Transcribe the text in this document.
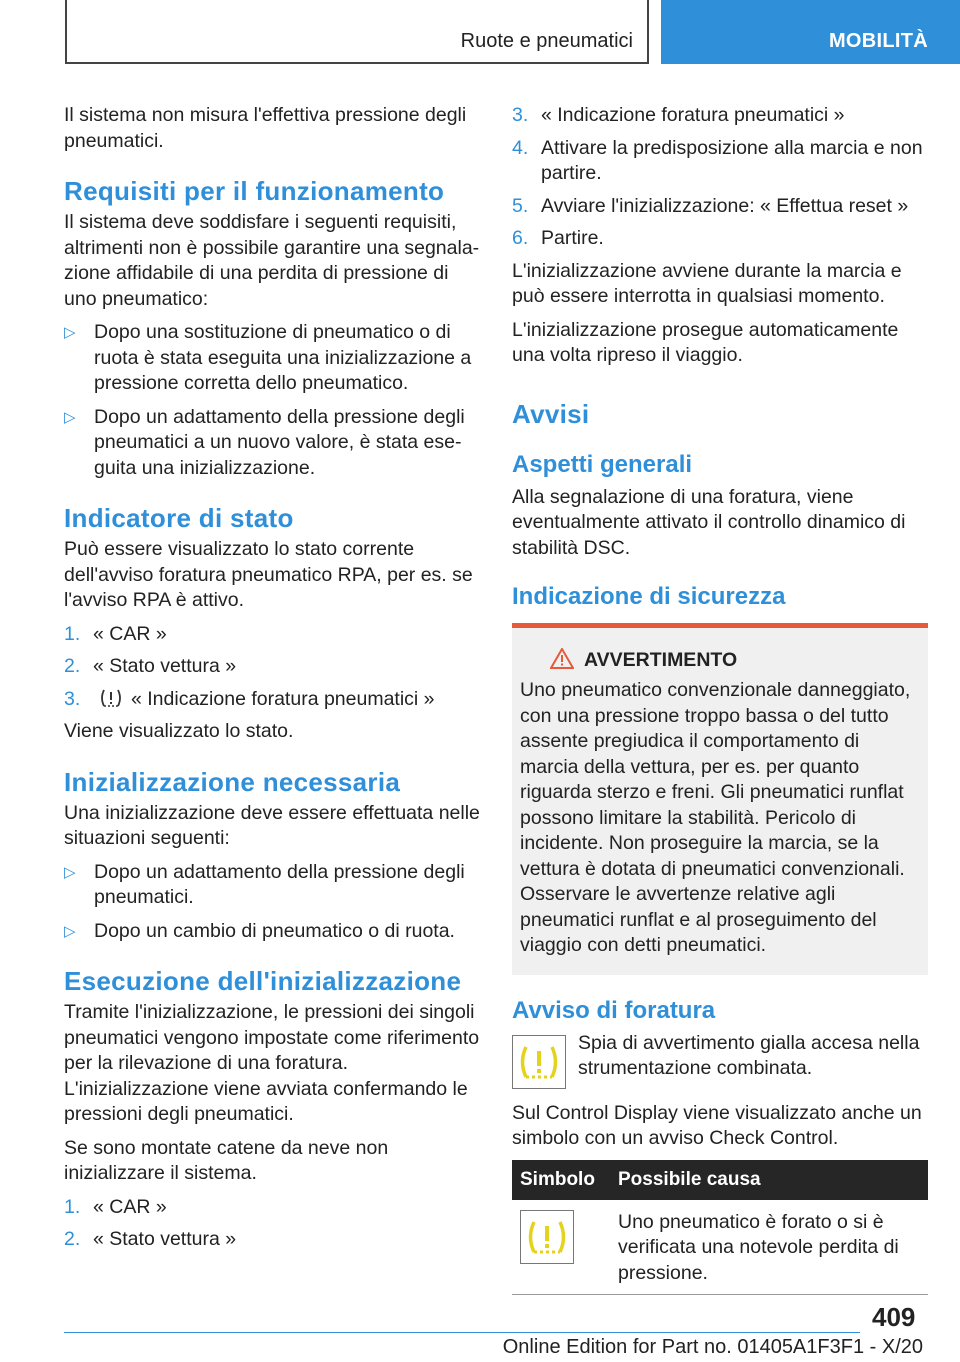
Ruote e pneumatici	MOBILITÀ

Il sistema non misura l'effettiva pressione degli pneumatici.

Requisiti per il funzionamento

Il sistema deve soddisfare i seguenti requisiti, altrimenti non è possibile garantire una segnalazione affidabile di una perdita di pressione di uno pneumatico:

▷ Dopo una sostituzione di pneumatico o di ruota è stata eseguita una inizializzazione a pressione corretta dello pneumatico.
▷ Dopo un adattamento della pressione degli pneumatici a un nuovo valore, è stata eseguita una inizializzazione.
Indicatore di stato

Può essere visualizzato lo stato corrente dell'avviso foratura pneumatico RPA, per es. se l'avviso RPA è attivo.

1. « CAR »
2. « Stato vettura »
3.	« Indicazione foratura pneumatici »

Viene visualizzato lo stato.

Inizializzazione necessaria

Una inizializzazione deve essere effettuata nelle situazioni seguenti:

▷ Dopo un adattamento della pressione degli pneumatici.
▷ Dopo un cambio di pneumatico o di ruota.
Esecuzione dell'inizializzazione

Tramite l'inizializzazione, le pressioni dei singoli pneumatici vengono impostate come riferimento per la rilevazione di una foratura. L'inizializzazione viene avviata confermando le pressioni degli pneumatici.

Se sono montate catene da neve non inizializzare il sistema.

1. « CAR »
2. « Stato vettura »
3. « Indicazione foratura pneumatici »
4. Attivare la predisposizione alla marcia e non partire.
5. Avviare l'inizializzazione: « Effettua reset »
6. Partire.

L'inizializzazione avviene durante la marcia e può essere interrotta in qualsiasi momento.

L'inizializzazione prosegue automaticamente una volta ripreso il viaggio.

Avvisi
Aspetti generali

Alla segnalazione di una foratura, viene eventualmente attivato il controllo dinamico di stabilità DSC.

Indicazione di sicurezza
AVVERTIMENTO
Uno pneumatico convenzionale danneggiato, con una pressione troppo bassa o del tutto assente pregiudica il comportamento di marcia della vettura, per es. per quanto riguarda sterzo e freni. Gli pneumatici runflat possono limitare la stabilità. Pericolo di incidente. Non proseguire la marcia, se la vettura è dotata di pneumatici convenzionali. Osservare le avvertenze relative agli pneumatici runflat e al proseguimento del viaggio con detti pneumatici.
Avviso di foratura
Spia di avvertimento gialla accesa nella strumentazione combinata.

Sul Control Display viene visualizzato anche un simbolo con un avviso Check Control.

Simbolo	Possibile causa

	Uno pneumatico è forato o si è verificata una notevole perdita di pressione.
409
Online Edition for Part no. 01405A1F3F1 - X/20
